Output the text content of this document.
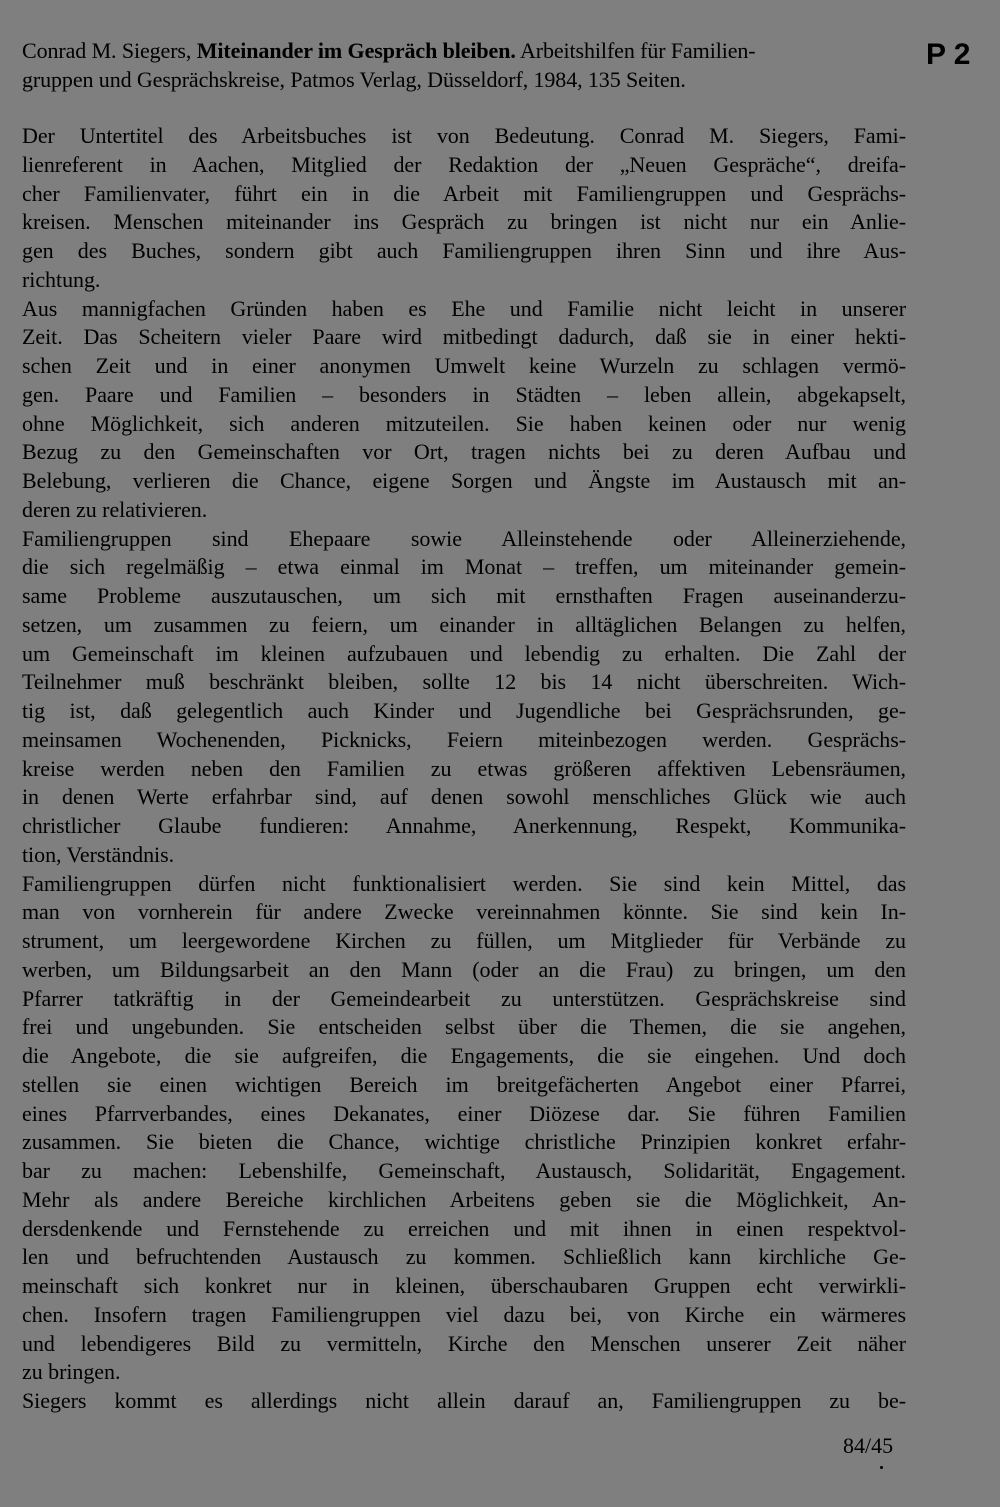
P 2
Conrad M. Siegers, Miteinander im Gespräch bleiben. Arbeitshilfen für Familien-
gruppen und Gesprächskreise, Patmos Verlag, Düsseldorf, 1984, 135 Seiten.
Der Untertitel des Arbeitsbuches ist von Bedeutung. Conrad M. Siegers, Fami-
lienreferent in Aachen, Mitglied der Redaktion der „Neuen Gespräche“, dreifa-
cher Familienvater, führt ein in die Arbeit mit Familiengruppen und Gesprächs-
kreisen. Menschen miteinander ins Gespräch zu bringen ist nicht nur ein Anlie-
gen des Buches, sondern gibt auch Familiengruppen ihren Sinn und ihre Aus-
richtung.
Aus mannigfachen Gründen haben es Ehe und Familie nicht leicht in unserer
Zeit. Das Scheitern vieler Paare wird mitbedingt dadurch, daß sie in einer hekti-
schen Zeit und in einer anonymen Umwelt keine Wurzeln zu schlagen vermö-
gen. Paare und Familien – besonders in Städten – leben allein, abgekapselt,
ohne Möglichkeit, sich anderen mitzuteilen. Sie haben keinen oder nur wenig
Bezug zu den Gemeinschaften vor Ort, tragen nichts bei zu deren Aufbau und
Belebung, verlieren die Chance, eigene Sorgen und Ängste im Austausch mit an-
deren zu relativieren.
Familiengruppen sind Ehepaare sowie Alleinstehende oder Alleinerziehende,
die sich regelmäßig – etwa einmal im Monat – treffen, um miteinander gemein-
same Probleme auszutauschen, um sich mit ernsthaften Fragen auseinanderzu-
setzen, um zusammen zu feiern, um einander in alltäglichen Belangen zu helfen,
um Gemeinschaft im kleinen aufzubauen und lebendig zu erhalten. Die Zahl der
Teilnehmer muß beschränkt bleiben, sollte 12 bis 14 nicht überschreiten. Wich-
tig ist, daß gelegentlich auch Kinder und Jugendliche bei Gesprächsrunden, ge-
meinsamen Wochenenden, Picknicks, Feiern miteinbezogen werden. Gesprächs-
kreise werden neben den Familien zu etwas größeren affektiven Lebensräumen,
in denen Werte erfahrbar sind, auf denen sowohl menschliches Glück wie auch
christlicher Glaube fundieren: Annahme, Anerkennung, Respekt, Kommunika-
tion, Verständnis.
Familiengruppen dürfen nicht funktionalisiert werden. Sie sind kein Mittel, das
man von vornherein für andere Zwecke vereinnahmen könnte. Sie sind kein In-
strument, um leergewordene Kirchen zu füllen, um Mitglieder für Verbände zu
werben, um Bildungsarbeit an den Mann (oder an die Frau) zu bringen, um den
Pfarrer tatkräftig in der Gemeindearbeit zu unterstützen. Gesprächskreise sind
frei und ungebunden. Sie entscheiden selbst über die Themen, die sie angehen,
die Angebote, die sie aufgreifen, die Engagements, die sie eingehen. Und doch
stellen sie einen wichtigen Bereich im breitgefächerten Angebot einer Pfarrei,
eines Pfarrverbandes, eines Dekanates, einer Diözese dar. Sie führen Familien
zusammen. Sie bieten die Chance, wichtige christliche Prinzipien konkret erfahr-
bar zu machen: Lebenshilfe, Gemeinschaft, Austausch, Solidarität, Engagement.
Mehr als andere Bereiche kirchlichen Arbeitens geben sie die Möglichkeit, An-
dersdenkende und Fernstehende zu erreichen und mit ihnen in einen respektvol-
len und befruchtenden Austausch zu kommen. Schließlich kann kirchliche Ge-
meinschaft sich konkret nur in kleinen, überschaubaren Gruppen echt verwirkli-
chen. Insofern tragen Familiengruppen viel dazu bei, von Kirche ein wärmeres
und lebendigeres Bild zu vermitteln, Kirche den Menschen unserer Zeit näher
zu bringen.
Siegers kommt es allerdings nicht allein darauf an, Familiengruppen zu be-
84/45
